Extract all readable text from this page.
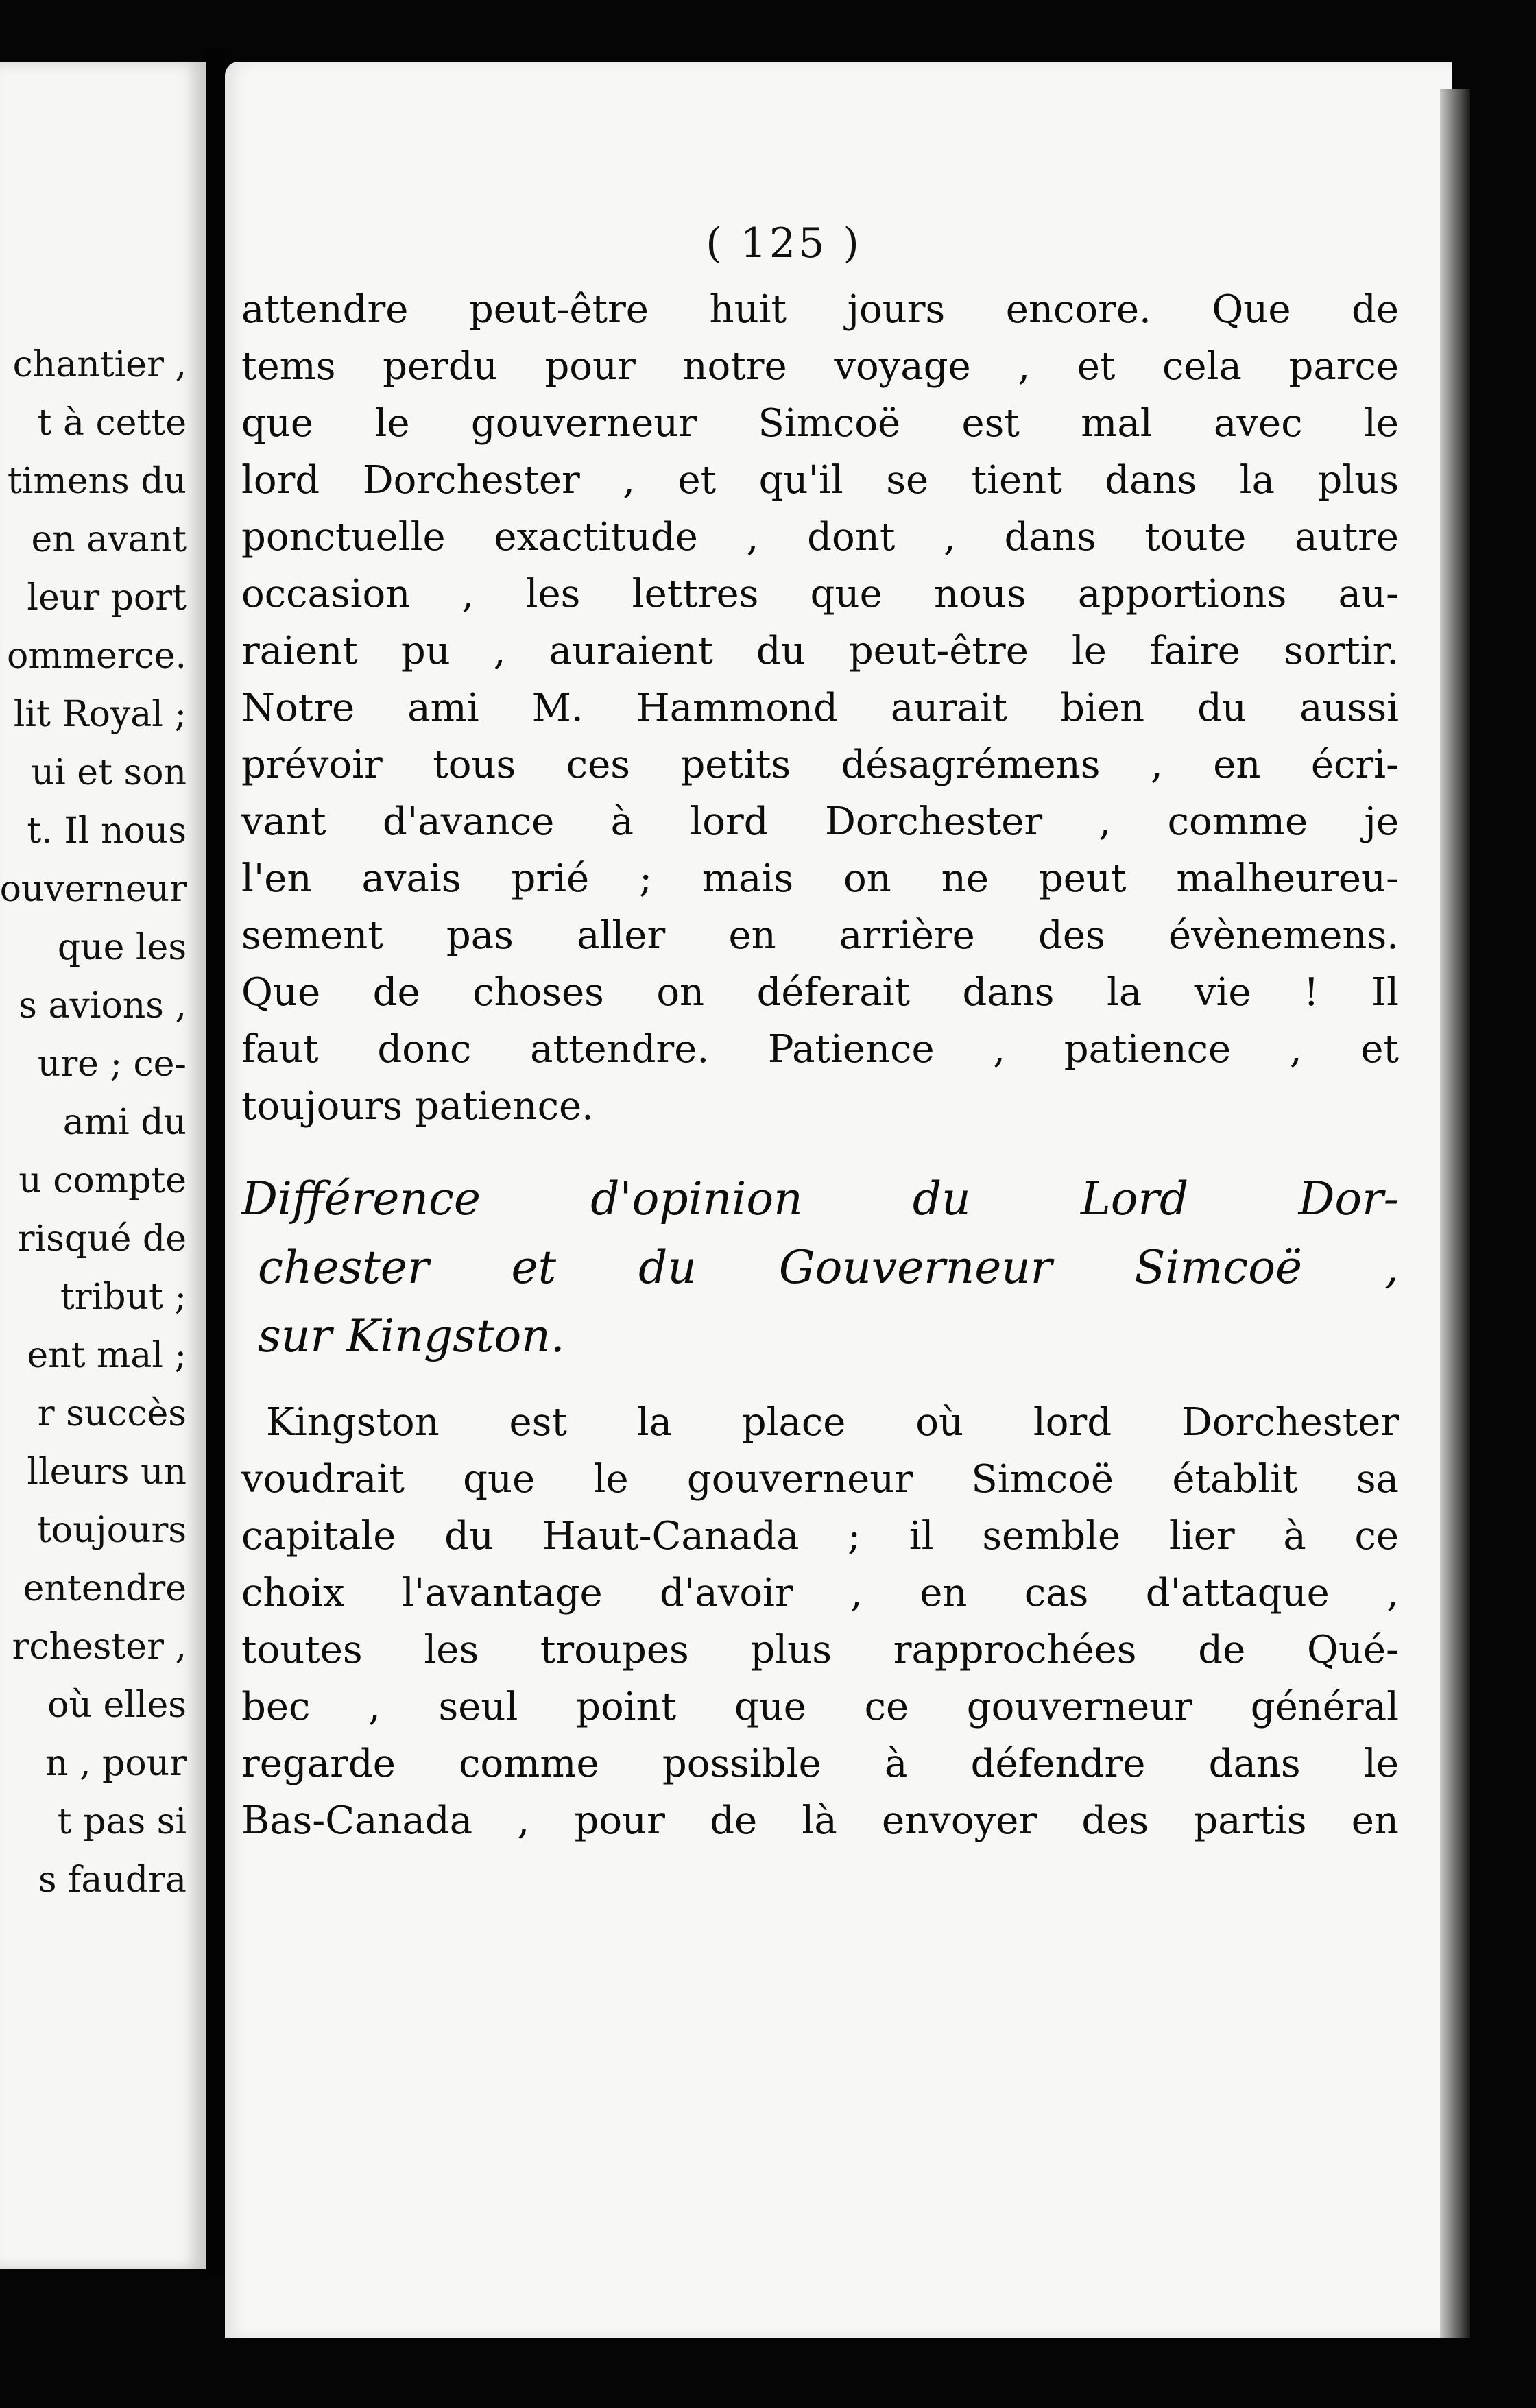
chantier ,
t à cette
timens du
en avant
leur port
ommerce.
lit Royal ;
ui et son
t. Il nous
ouverneur
que les
s avions ,
ure ; ce-
ami du
u compte
risqué de
tribut ;
ent mal ;
r succès
lleurs un
toujours
entendre
rchester ,
où elles
n , pour
t pas si
s faudra
( 125 )
attendre peut-être huit jours encore. Que de
tems perdu pour notre voyage , et cela parce
que le gouverneur Simcoë est mal avec le
lord Dorchester , et qu'il se tient dans la plus
ponctuelle exactitude , dont , dans toute autre
occasion , les lettres que nous apportions au-
raient pu , auraient du peut-être le faire sortir.
Notre ami M. Hammond aurait bien du aussi
prévoir tous ces petits désagrémens , en écri-
vant d'avance à lord Dorchester , comme je
l'en avais prié ; mais on ne peut malheureu-
sement pas aller en arrière des évènemens.
Que de choses on déferait dans la vie ! Il
faut donc attendre. Patience , patience , et
toujours patience.
Différence d'opinion du Lord Dor-
chester et du Gouverneur Simcoë ,
sur Kingston.
Kingston est la place où lord Dorchester
voudrait que le gouverneur Simcoë établit sa
capitale du Haut-Canada ; il semble lier à ce
choix l'avantage d'avoir , en cas d'attaque ,
toutes les troupes plus rapprochées de Qué-
bec , seul point que ce gouverneur général
regarde comme possible à défendre dans le
Bas-Canada , pour de là envoyer des partis en
